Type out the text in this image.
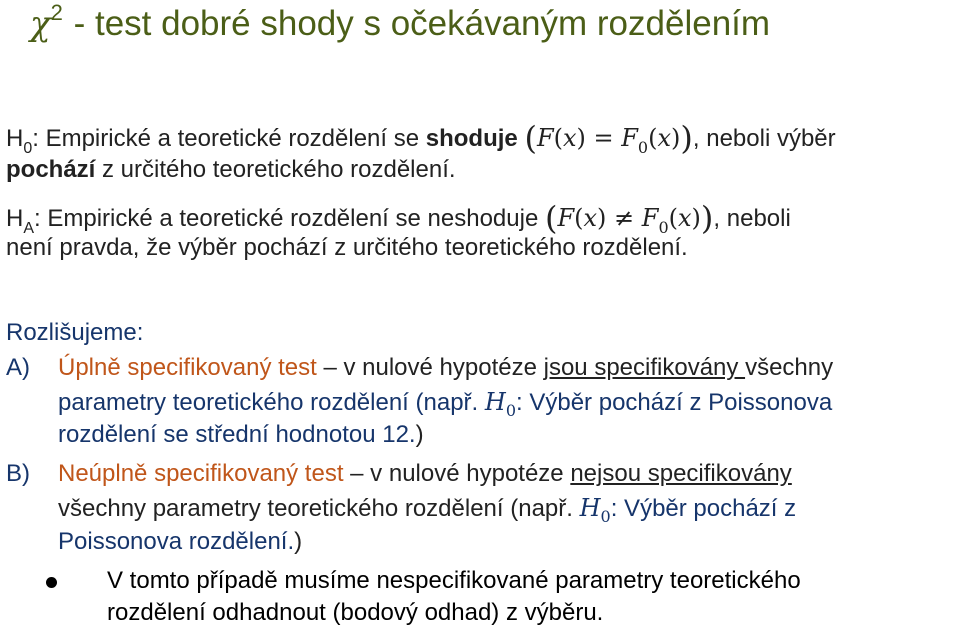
$\chi^2$ - test dobré shody s očekávaným rozdělením
$H_0$: Empirické a teoretické rozdělení se shoduje $(F(x) = F_0(x))$, neboli výběr
pochází z určitého teoretického rozdělení.
$H_A$: Empirické a teoretické rozdělení se neshoduje $(F(x) \ne F_0(x))$, neboli
není pravda, že výběr pochází z určitého teoretického rozdělení.
Rozlišujeme:
A) Úplně specifikovaný test – v nulové hypotéze jsou specifikovány všechny
parametry teoretického rozdělení (např. $H_0$: Výběr pochází z Poissonova
rozdělení se střední hodnotou 12.)
B) Neúplně specifikovaný test – v nulové hypotéze nejsou specifikovány
všechny parametry teoretického rozdělení (např. $H_0$: Výběr pochází z
Poissonova rozdělení.)
V tomto případě musíme nespecifikované parametry teoretického
rozdělení odhadnout (bodový odhad) z výběru.
